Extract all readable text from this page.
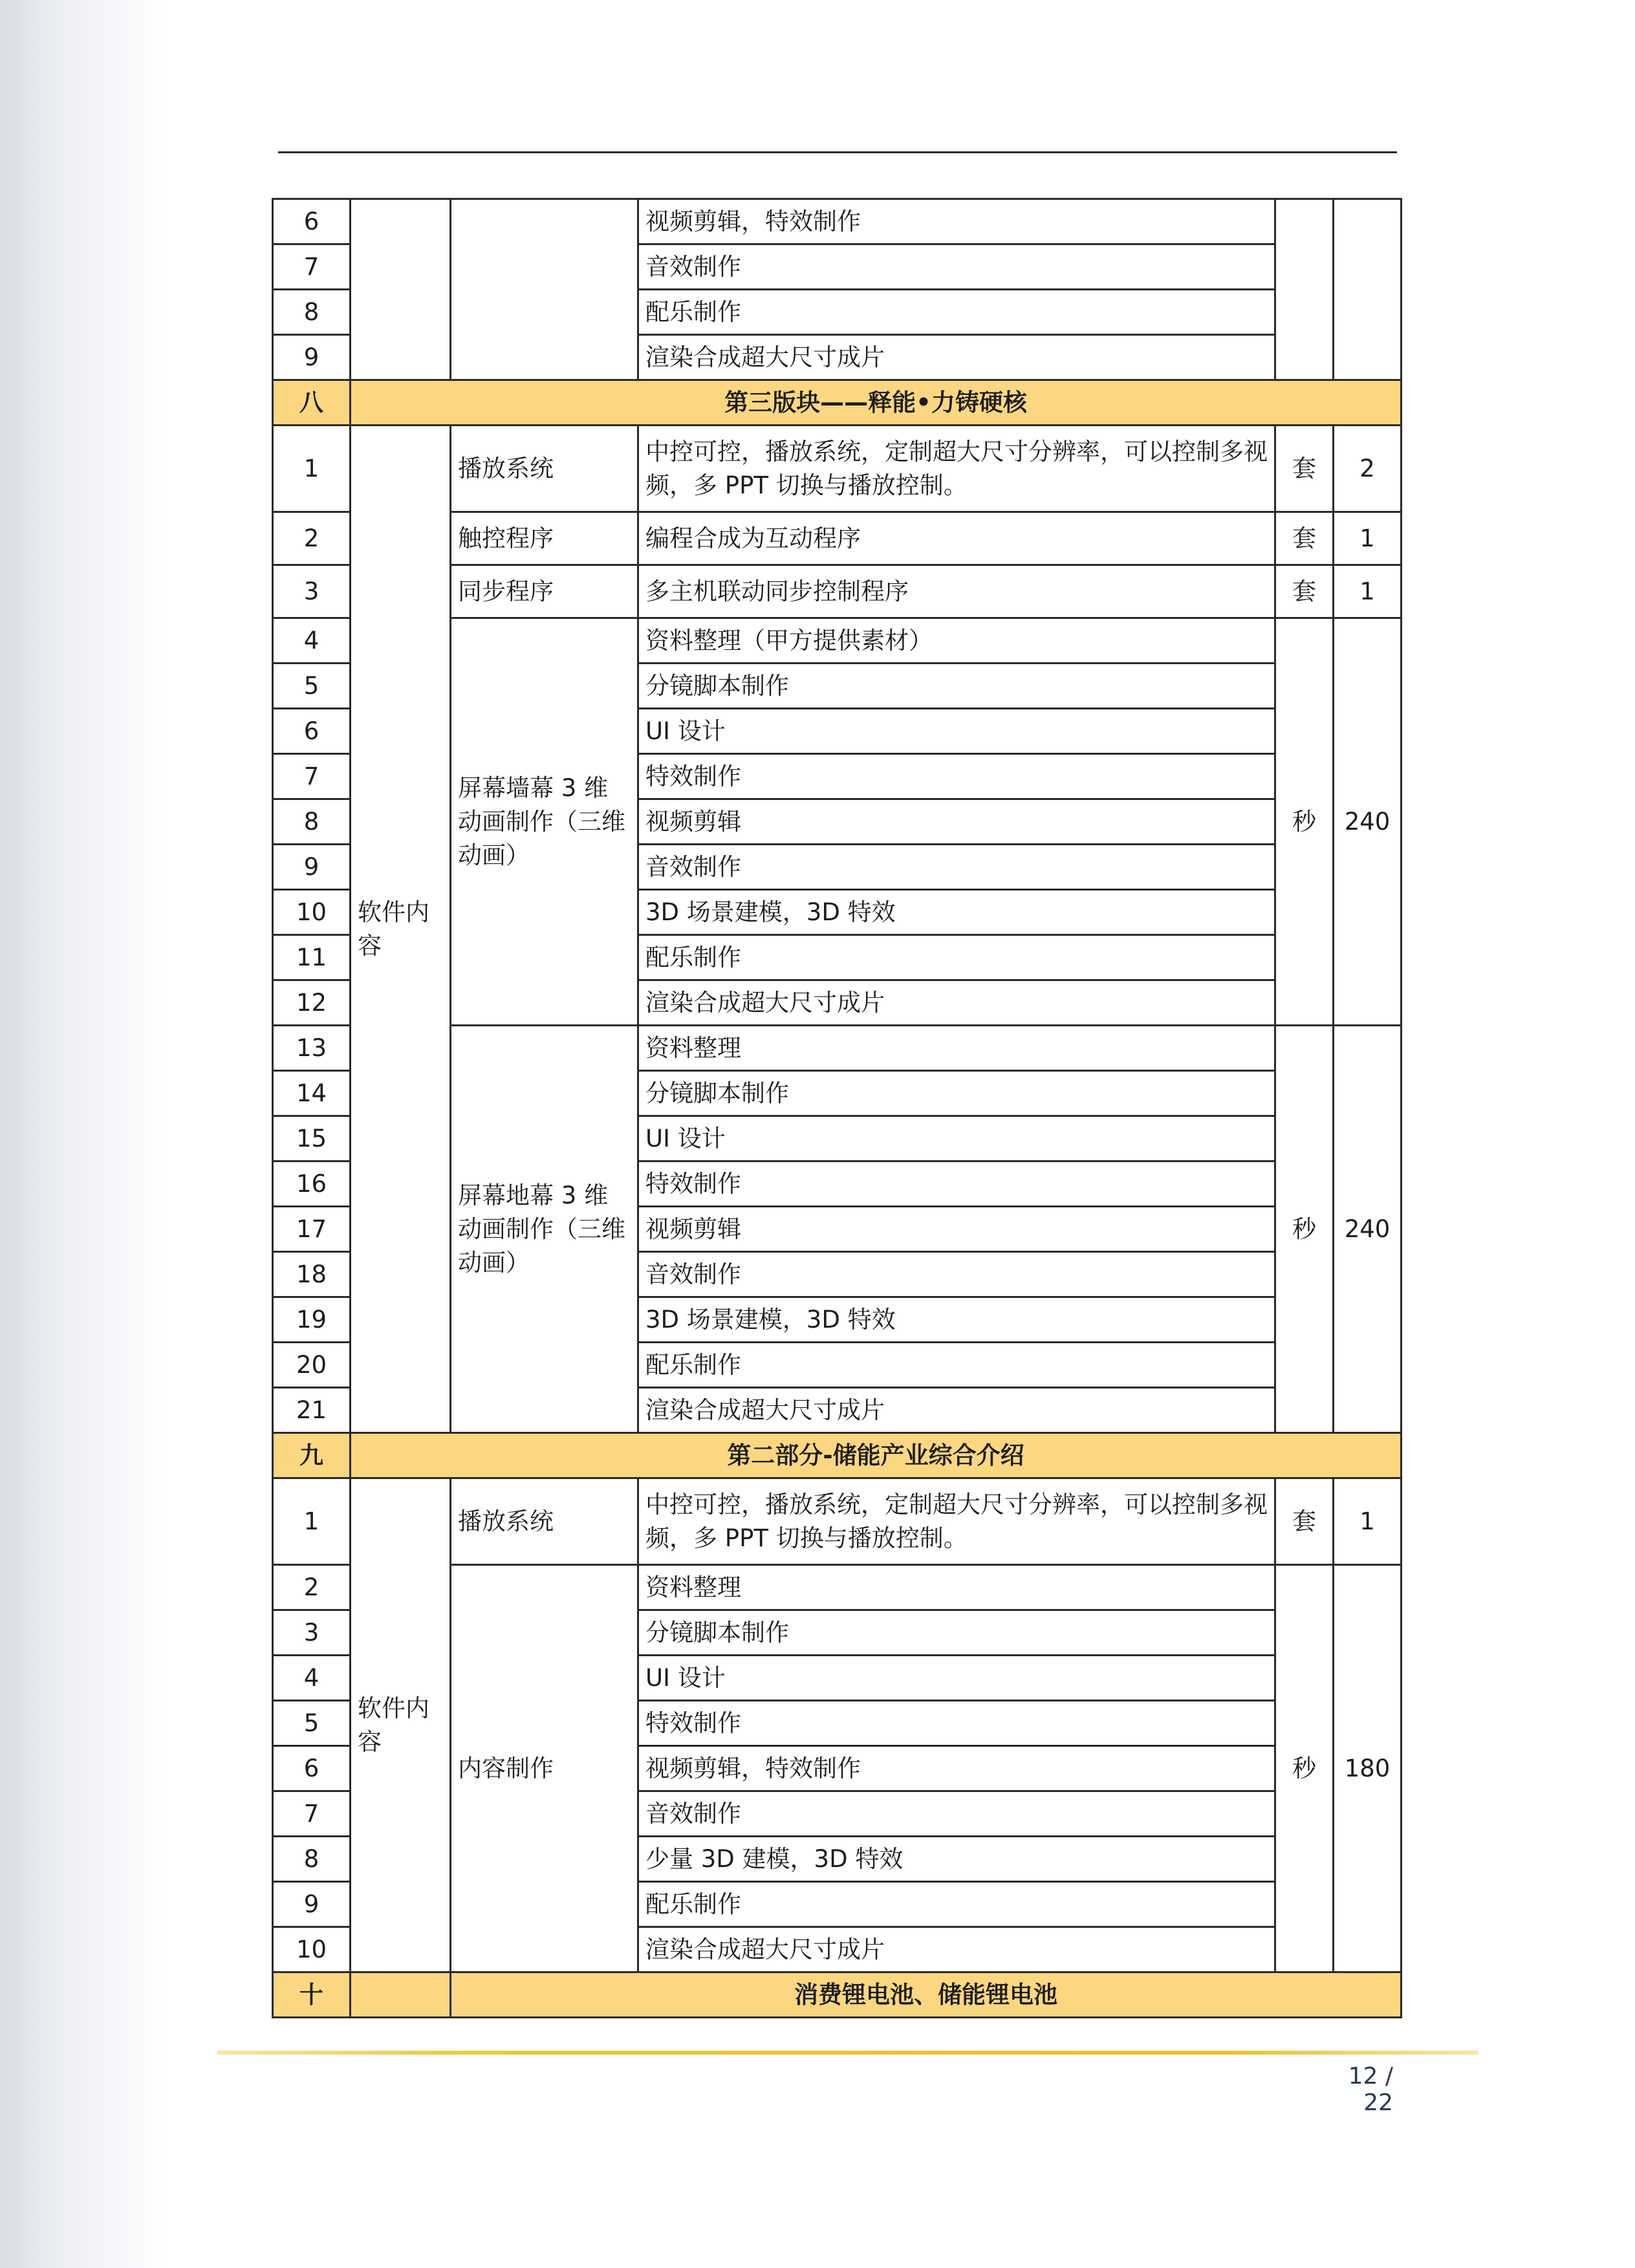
6			视频剪辑，特效制作		
7			音效制作		
8			配乐制作		
9			渲染合成超大尺寸成片		
八	第三版块——释能•力铸硬核				
1	软件内容	播放系统	中控可控，播放系统，定制超大尺寸分辨率，可以控制多视频，多 PPT 切换与播放控制。	套	2
2		触控程序	编程合成为互动程序	套	1
3		同步程序	多主机联动同步控制程序	套	1
4		屏幕墙幕 3 维动画制作（三维动画）	资料整理（甲方提供素材）	秒	240
5			分镜脚本制作		
6			UI 设计		
7			特效制作		
8			视频剪辑		
9			音效制作		
10			3D 场景建模，3D 特效		
11			配乐制作		
12			渲染合成超大尺寸成片		
13		屏幕地幕 3 维动画制作（三维动画）	资料整理	秒	240
14			分镜脚本制作		
15			UI 设计		
16			特效制作		
17			视频剪辑		
18			音效制作		
19			3D 场景建模，3D 特效		
20			配乐制作		
21			渲染合成超大尺寸成片		
九	第二部分-储能产业综合介绍				
1	软件内容	播放系统	中控可控，播放系统，定制超大尺寸分辨率，可以控制多视频，多 PPT 切换与播放控制。	套	1
2		内容制作	资料整理	秒	180
3			分镜脚本制作		
4			UI 设计		
5			特效制作		
6			视频剪辑，特效制作		
7			音效制作		
8			少量 3D 建模，3D 特效		
9			配乐制作		
10			渲染合成超大尺寸成片		
十		消费锂电池、储能锂电池			
12 / 22
